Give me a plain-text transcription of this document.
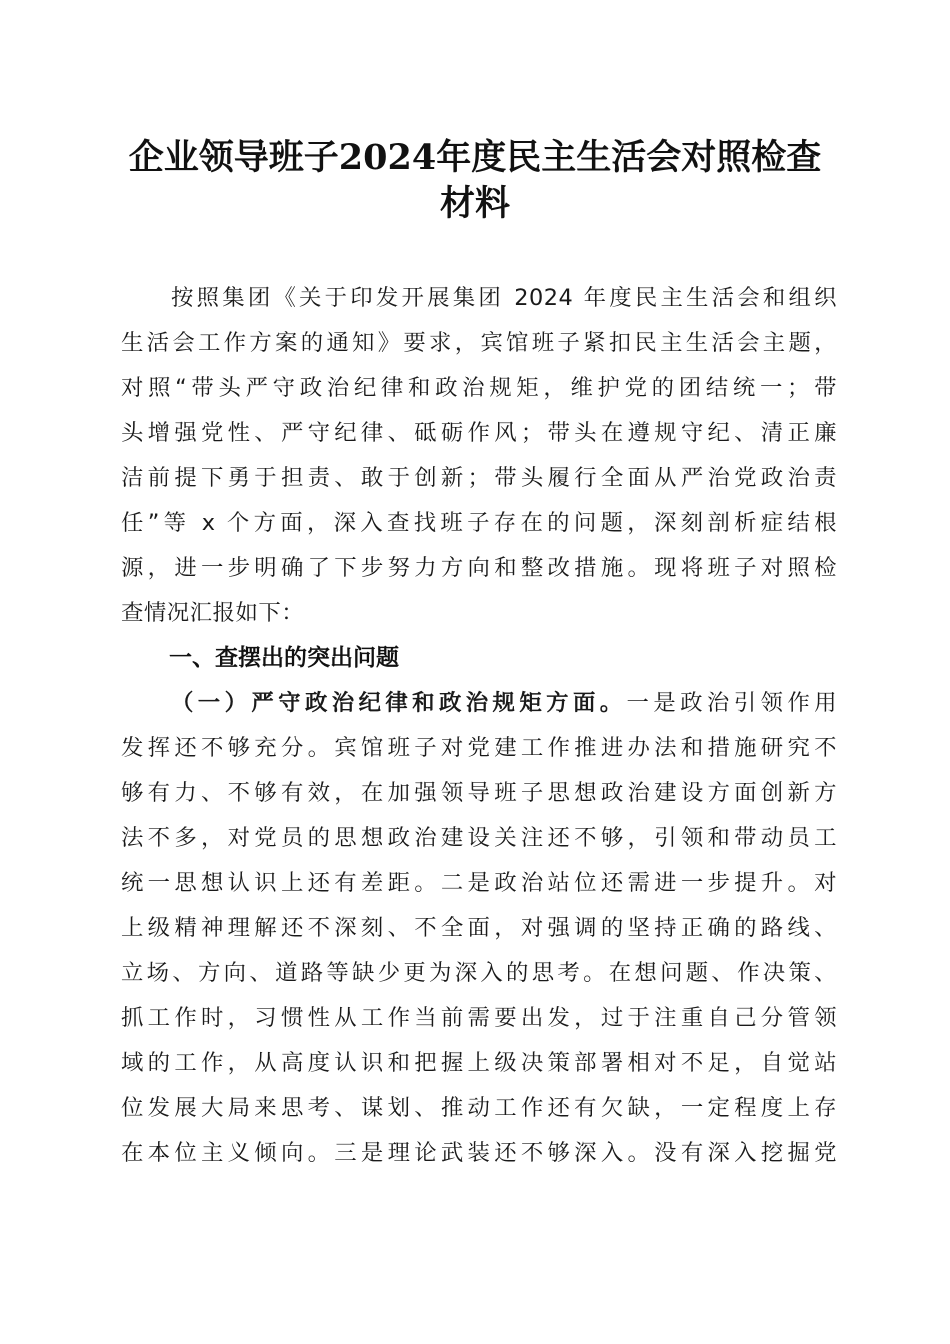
企业领导班子2024年度民主生活会对照检查
材料
按照集团《关于印发开展集团 2024 年度民主生活会和组织
生活会工作方案的通知》要求，宾馆班子紧扣民主生活会主题，
对照“带头严守政治纪律和政治规矩，维护党的团结统一；带
头增强党性、严守纪律、砥砺作风；带头在遵规守纪、清正廉
洁前提下勇于担责、敢于创新；带头履行全面从严治党政治责
任”等 x 个方面，深入查找班子存在的问题，深刻剖析症结根
源，进一步明确了下步努力方向和整改措施。现将班子对照检
查情况汇报如下：
一、查摆出的突出问题
（一）严守政治纪律和政治规矩方面。一是政治引领作用
发挥还不够充分。宾馆班子对党建工作推进办法和措施研究不
够有力、不够有效，在加强领导班子思想政治建设方面创新方
法不多，对党员的思想政治建设关注还不够，引领和带动员工
统一思想认识上还有差距。二是政治站位还需进一步提升。对
上级精神理解还不深刻、不全面，对强调的坚持正确的路线、
立场、方向、道路等缺少更为深入的思考。在想问题、作决策、
抓工作时，习惯性从工作当前需要出发，过于注重自己分管领
域的工作，从高度认识和把握上级决策部署相对不足，自觉站
位发展大局来思考、谋划、推动工作还有欠缺，一定程度上存
在本位主义倾向。三是理论武装还不够深入。没有深入挖掘党
